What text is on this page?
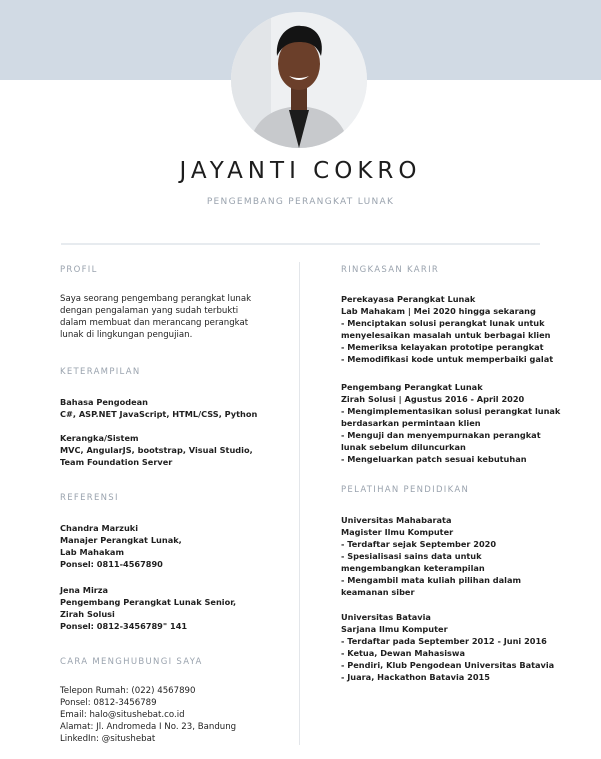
JAYANTI COKRO
PENGEMBANG PERANGKAT LUNAK
PROFIL
Saya seorang pengembang perangkat lunak
dengan pengalaman yang sudah terbukti
dalam membuat dan merancang perangkat
lunak di lingkungan pengujian.
KETERAMPILAN
Bahasa Pengodean
C#, ASP.NET JavaScript, HTML/CSS, Python
Kerangka/Sistem
MVC, AngularJS, bootstrap, Visual Studio,
Team Foundation Server
REFERENSI
Chandra Marzuki
Manajer Perangkat Lunak,
Lab Mahakam
Ponsel: 0811-4567890
Jena Mirza
Pengembang Perangkat Lunak Senior,
Zirah Solusi
Ponsel: 0812-3456789" 141
CARA MENGHUBUNGI SAYA
Telepon Rumah: (022) 4567890
Ponsel: 0812-3456789
Email: halo@situshebat.co.id
Alamat: Jl. Andromeda I No. 23, Bandung
LinkedIn: @situshebat
RINGKASAN KARIR
Perekayasa Perangkat Lunak
Lab Mahakam | Mei 2020 hingga sekarang
- Menciptakan solusi perangkat lunak untuk
menyelesaikan masalah untuk berbagai klien
- Memeriksa kelayakan prototipe perangkat
- Memodifikasi kode untuk memperbaiki galat
Pengembang Perangkat Lunak
Zirah Solusi | Agustus 2016 - April 2020
- Mengimplementasikan solusi perangkat lunak
berdasarkan permintaan klien
- Menguji dan menyempurnakan perangkat
lunak sebelum diluncurkan
- Mengeluarkan patch sesuai kebutuhan
PELATIHAN PENDIDIKAN
Universitas Mahabarata
Magister Ilmu Komputer
- Terdaftar sejak September 2020
- Spesialisasi sains data untuk
mengembangkan keterampilan
- Mengambil mata kuliah pilihan dalam
keamanan siber
Universitas Batavia
Sarjana Ilmu Komputer
- Terdaftar pada September 2012 - Juni 2016
- Ketua, Dewan Mahasiswa
- Pendiri, Klub Pengodean Universitas Batavia
- Juara, Hackathon Batavia 2015
